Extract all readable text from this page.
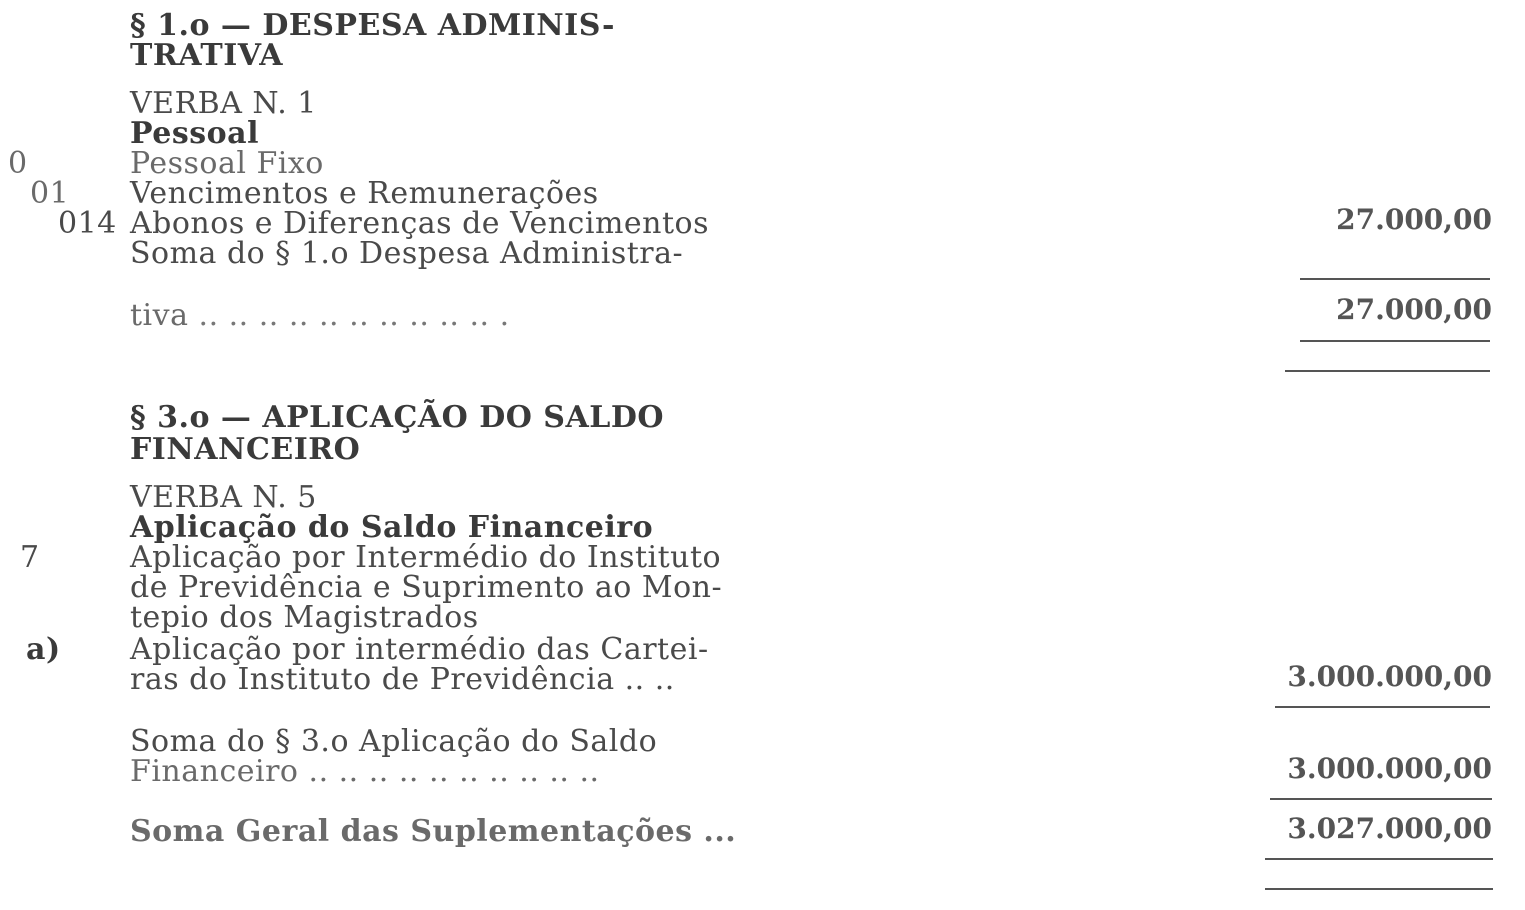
§ 1.o — DESPESA ADMINIS-
TRATIVA
VERBA N. 1
Pessoal
0	Pessoal Fixo
01 Vencimentos e Remunerações
014 Abonos e Diferenças de Vencimentos	27.000,00
Soma do § 1.o Despesa Administra-
tiva .. .. .. .. .. .. .. .. .. .. .	27.000,00
§ 3.o — APLICAÇÃO DO SALDO
FINANCEIRO
VERBA N. 5
Aplicação do Saldo Financeiro
7	Aplicação por Intermédio do Instituto
de Previdência e Suprimento ao Mon-
tepio dos Magistrados
a) Aplicação por intermédio das Cartei-
ras do Instituto de Previdência .. ..	3.000.000,00
Soma do § 3.o Aplicação do Saldo
Financeiro .. .. .. .. .. .. .. .. .. ..	3.000.000,00
Soma Geral das Suplementações ...	3.027.000,00
